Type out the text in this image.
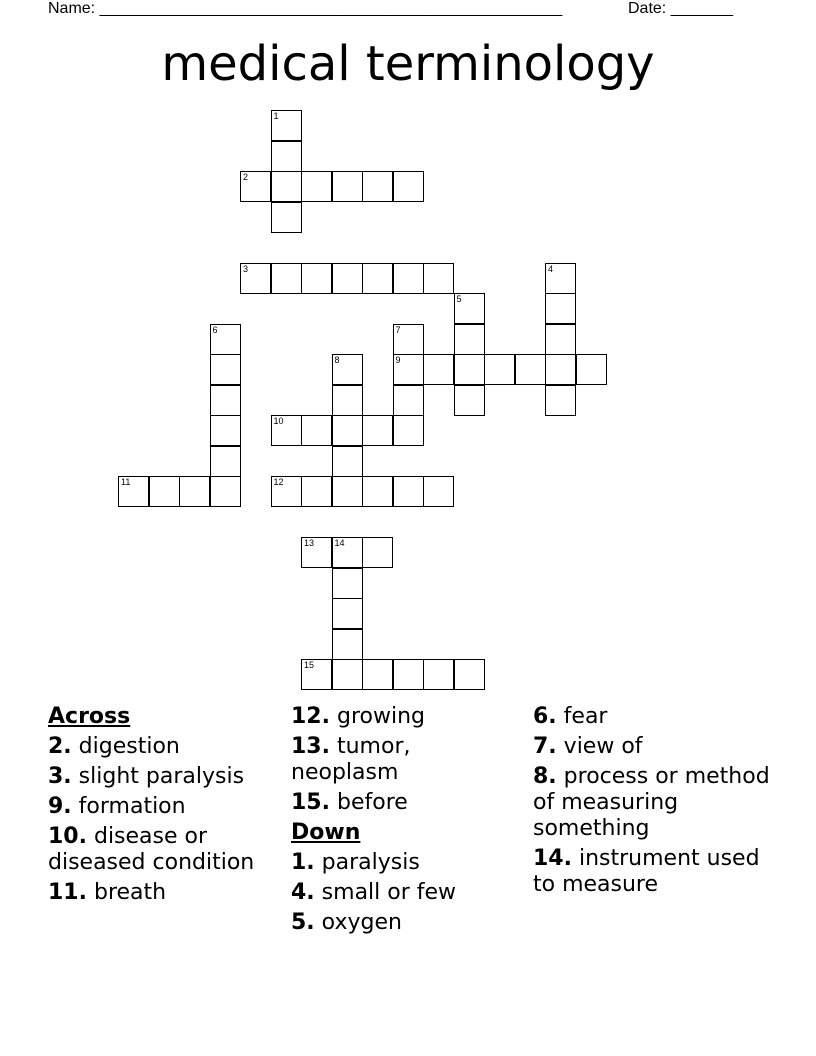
Name: ____________________________________________________	Date: _______
medical terminology
1
2
3	4
5
6	7
9
8
10
11	12
13 14
15
Across
2. digestion
3. slight paralysis
9. formation
10. disease or diseased condition
11. breath
12. growing
13. tumor, neoplasm
15. before
Down
1. paralysis
4. small or few
5. oxygen
6. fear
7. view of
8. process or method of measuring something
14. instrument used to measure
